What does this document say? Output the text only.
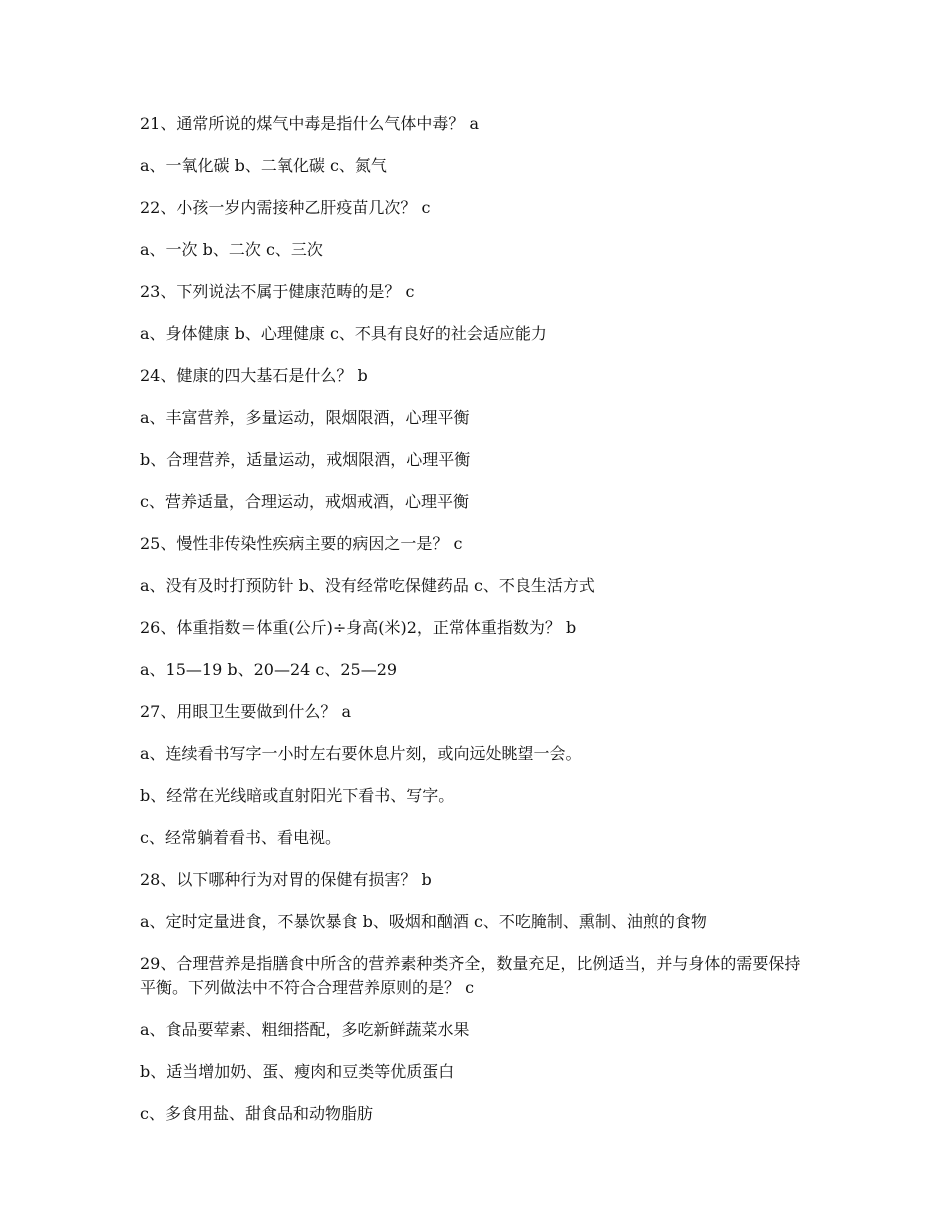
21、通常所说的煤气中毒是指什么气体中毒？ a

a、一氧化碳 b、二氧化碳 c、氮气

22、小孩一岁内需接种乙肝疫苗几次？ c

a、一次 b、二次 c、三次

23、下列说法不属于健康范畴的是？ c

a、身体健康 b、心理健康 c、不具有良好的社会适应能力

24、健康的四大基石是什么？ b

a、丰富营养，多量运动，限烟限酒，心理平衡

b、合理营养，适量运动，戒烟限酒，心理平衡

c、营养适量，合理运动，戒烟戒酒，心理平衡

25、慢性非传染性疾病主要的病因之一是？ c

a、没有及时打预防针 b、没有经常吃保健药品 c、不良生活方式

26、体重指数＝体重(公斤)÷身高(米)2，正常体重指数为？ b

a、15—19 b、20—24 c、25—29

27、用眼卫生要做到什么？ a

a、连续看书写字一小时左右要休息片刻，或向远处眺望一会。

b、经常在光线暗或直射阳光下看书、写字。

c、经常躺着看书、看电视。

28、以下哪种行为对胃的保健有损害？ b

a、定时定量进食，不暴饮暴食 b、吸烟和酗酒 c、不吃腌制、熏制、油煎的食物

29、合理营养是指膳食中所含的营养素种类齐全，数量充足，比例适当，并与身体的需要保持平衡。下列做法中不符合合理营养原则的是？ c

a、食品要荤素、粗细搭配，多吃新鲜蔬菜水果

b、适当增加奶、蛋、瘦肉和豆类等优质蛋白

c、多食用盐、甜食品和动物脂肪
